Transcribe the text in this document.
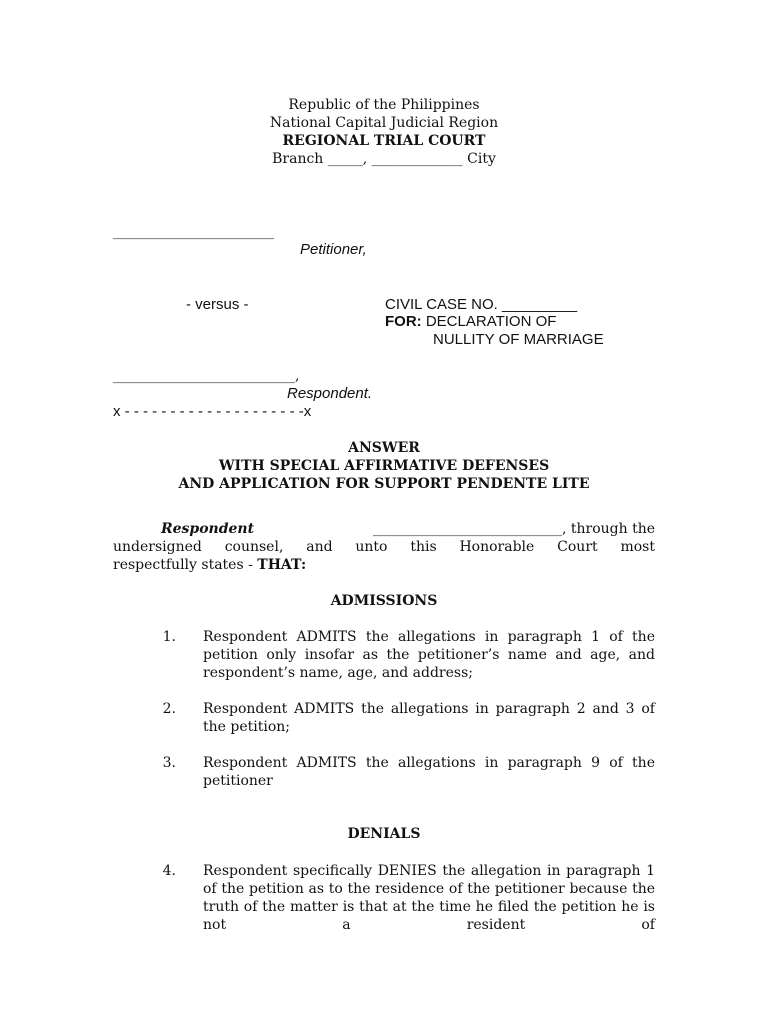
Republic of the Philippines
National Capital Judicial Region
REGIONAL TRIAL COURT
Branch _____, _____________ City
_______________________
Petitioner,
- versus -	CIVIL CASE NO. _________
FOR: DECLARATION OF
NULLITY OF MARRIAGE
__________________________,
Respondent.
x - - - - - - - - - - - - - - - - - - - -x
ANSWER
WITH SPECIAL AFFIRMATIVE DEFENSES
AND APPLICATION FOR SUPPORT PENDENTE LITE
Respondent	___________________________, through the
undersigned counsel, and unto this Honorable Court most
respectfully states - THAT:
ADMISSIONS
1. Respondent ADMITS the allegations in paragraph 1 of the petition only insofar as the petitioner’s name and age, and respondent’s name, age, and address;
2. Respondent ADMITS the allegations in paragraph 2 and 3 of the petition;
3. Respondent ADMITS the allegations in paragraph 9 of the petitioner
DENIALS
4. Respondent specifically DENIES the allegation in paragraph 1 of the petition as to the residence of the petitioner because the truth of the matter is that at the time he filed the petition he is not a resident of
